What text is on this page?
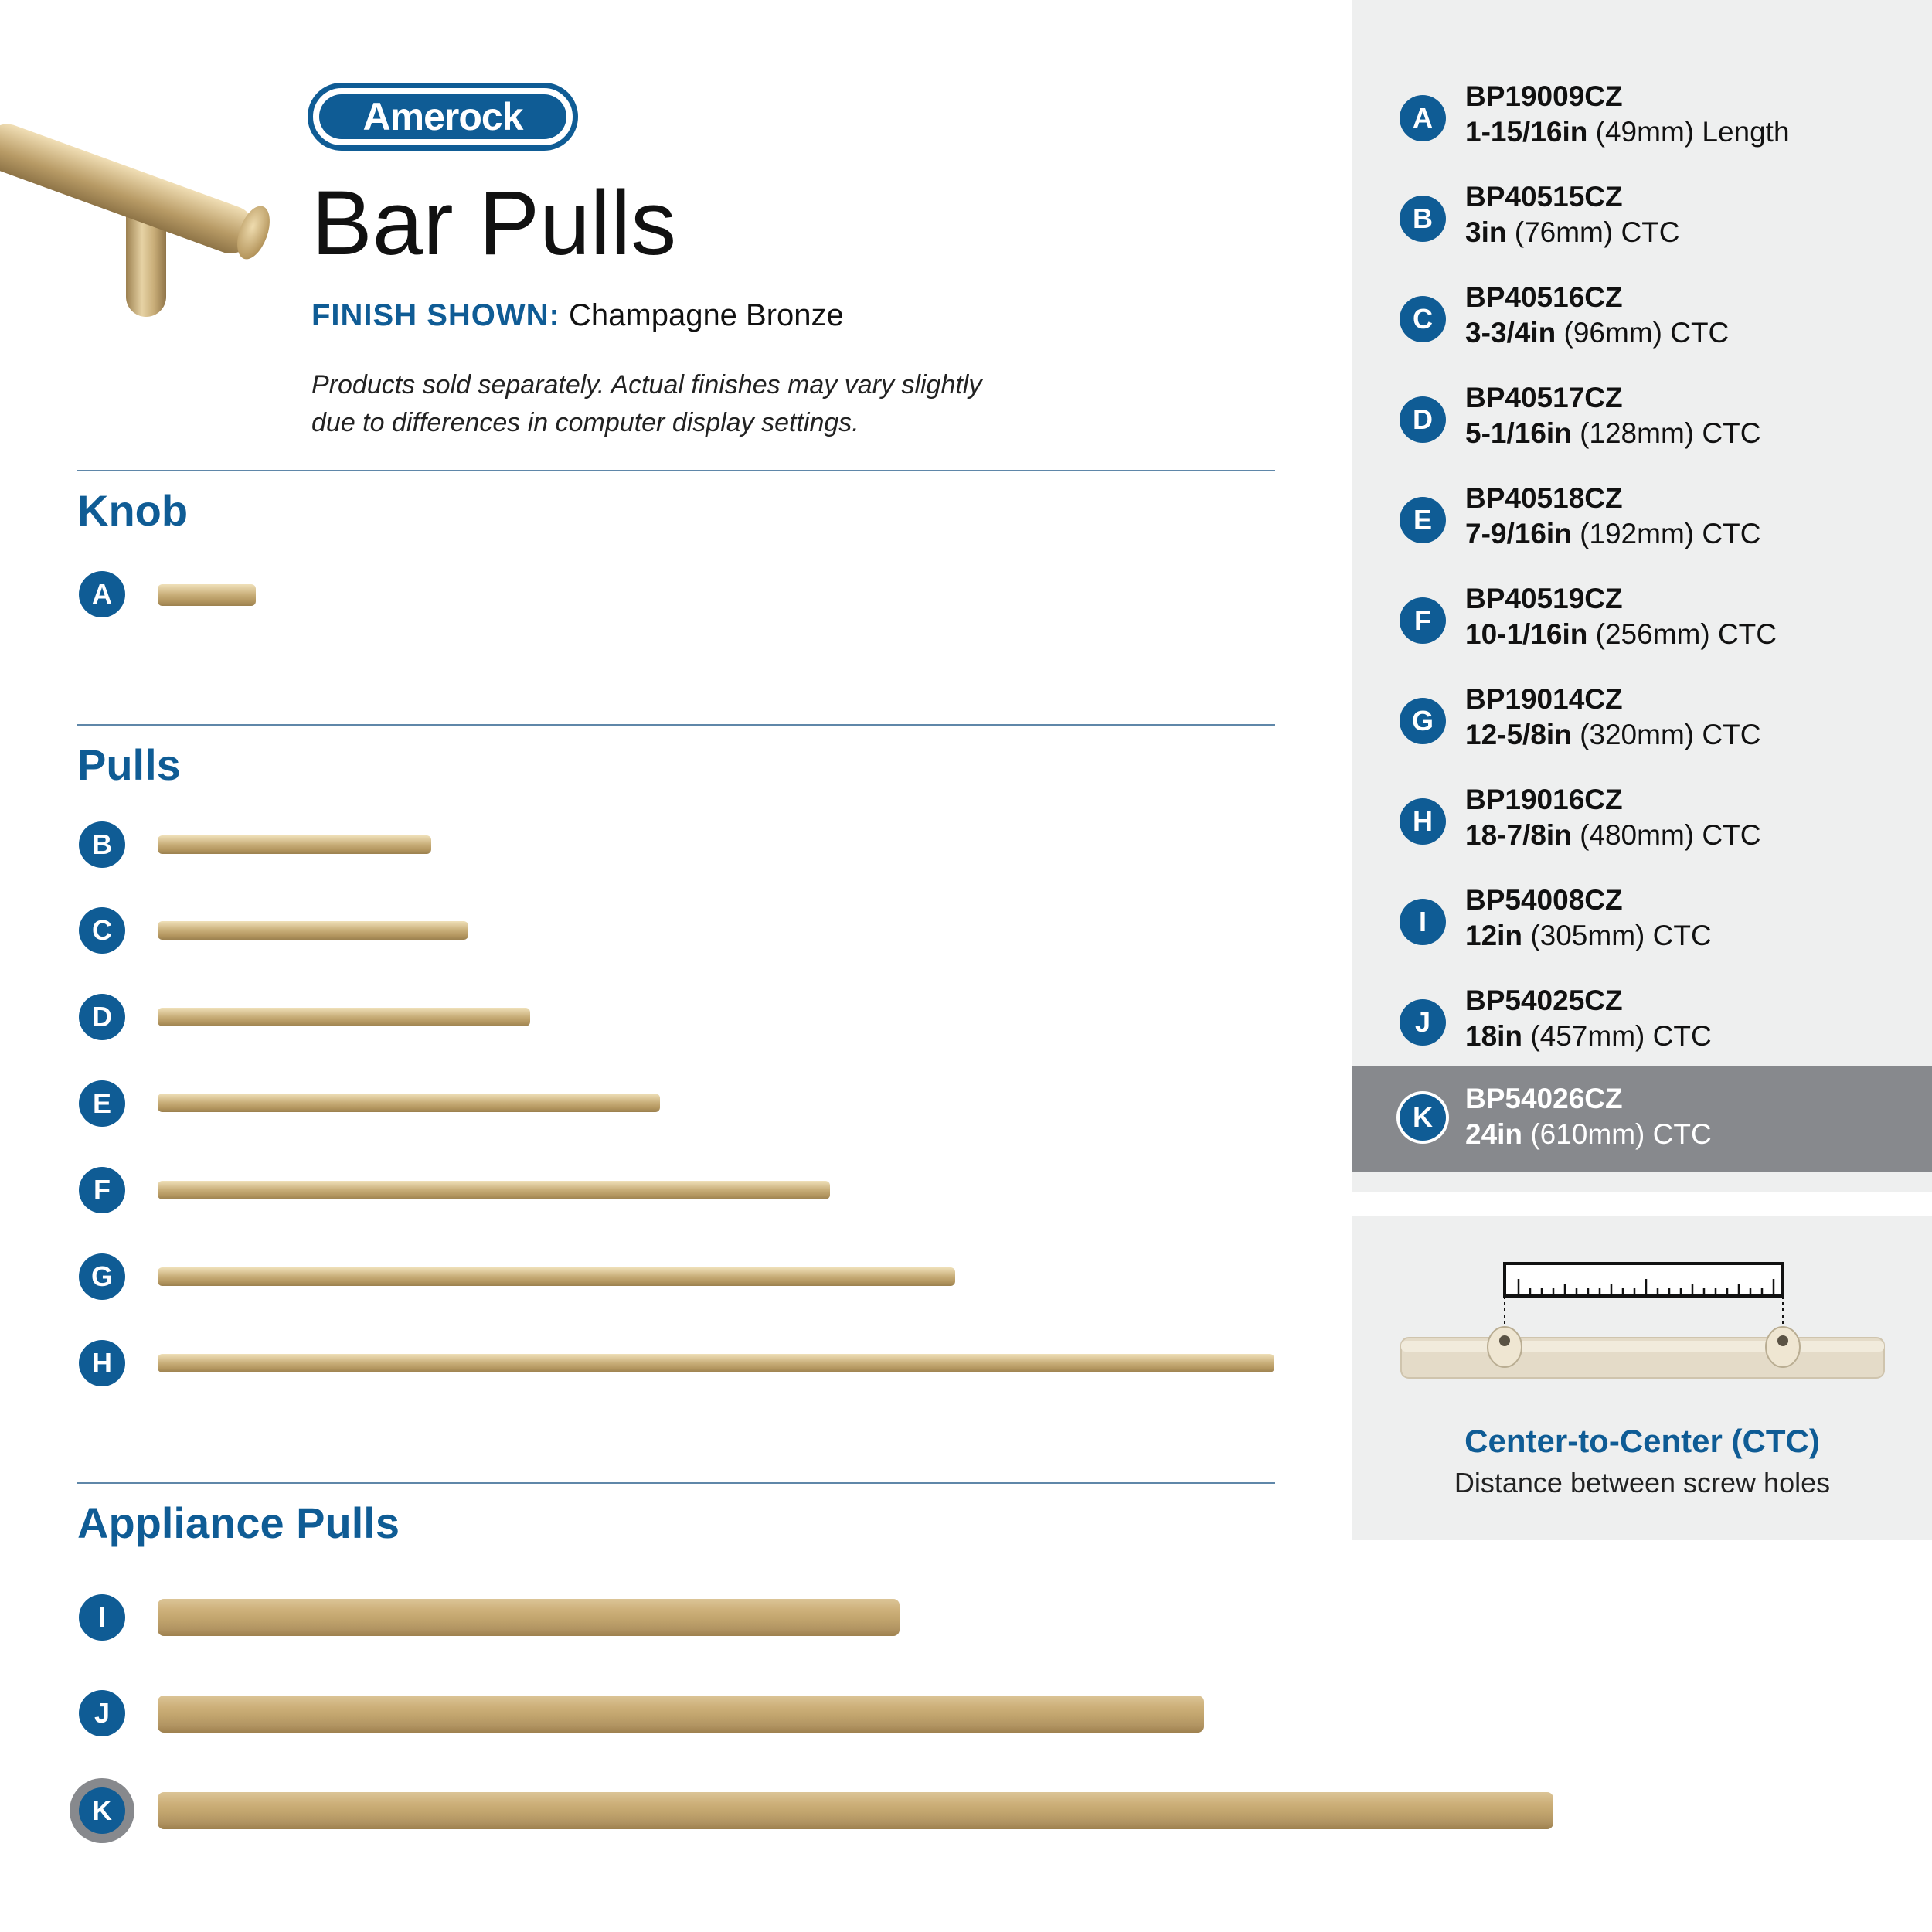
Amerock
Bar Pulls
FINISH SHOWN: Champagne Bronze
Products sold separately. Actual finishes may vary slightly
due to differences in computer display settings.
Knob
A
Pulls
B
C
D
E
F
G
H
Appliance Pulls
I
J
K
A
BP19009CZ
1-15/16in (49mm) Length
B
BP40515CZ
3in (76mm) CTC
C
BP40516CZ
3-3/4in (96mm) CTC
D
BP40517CZ
5-1/16in (128mm) CTC
E
BP40518CZ
7-9/16in (192mm) CTC
F
BP40519CZ
10-1/16in (256mm) CTC
G
BP19014CZ
12-5/8in (320mm) CTC
H
BP19016CZ
18-7/8in (480mm) CTC
I
BP54008CZ
12in (305mm) CTC
J
BP54025CZ
18in (457mm) CTC
K
BP54026CZ
24in (610mm) CTC
Center-to-Center (CTC)
Distance between screw holes
